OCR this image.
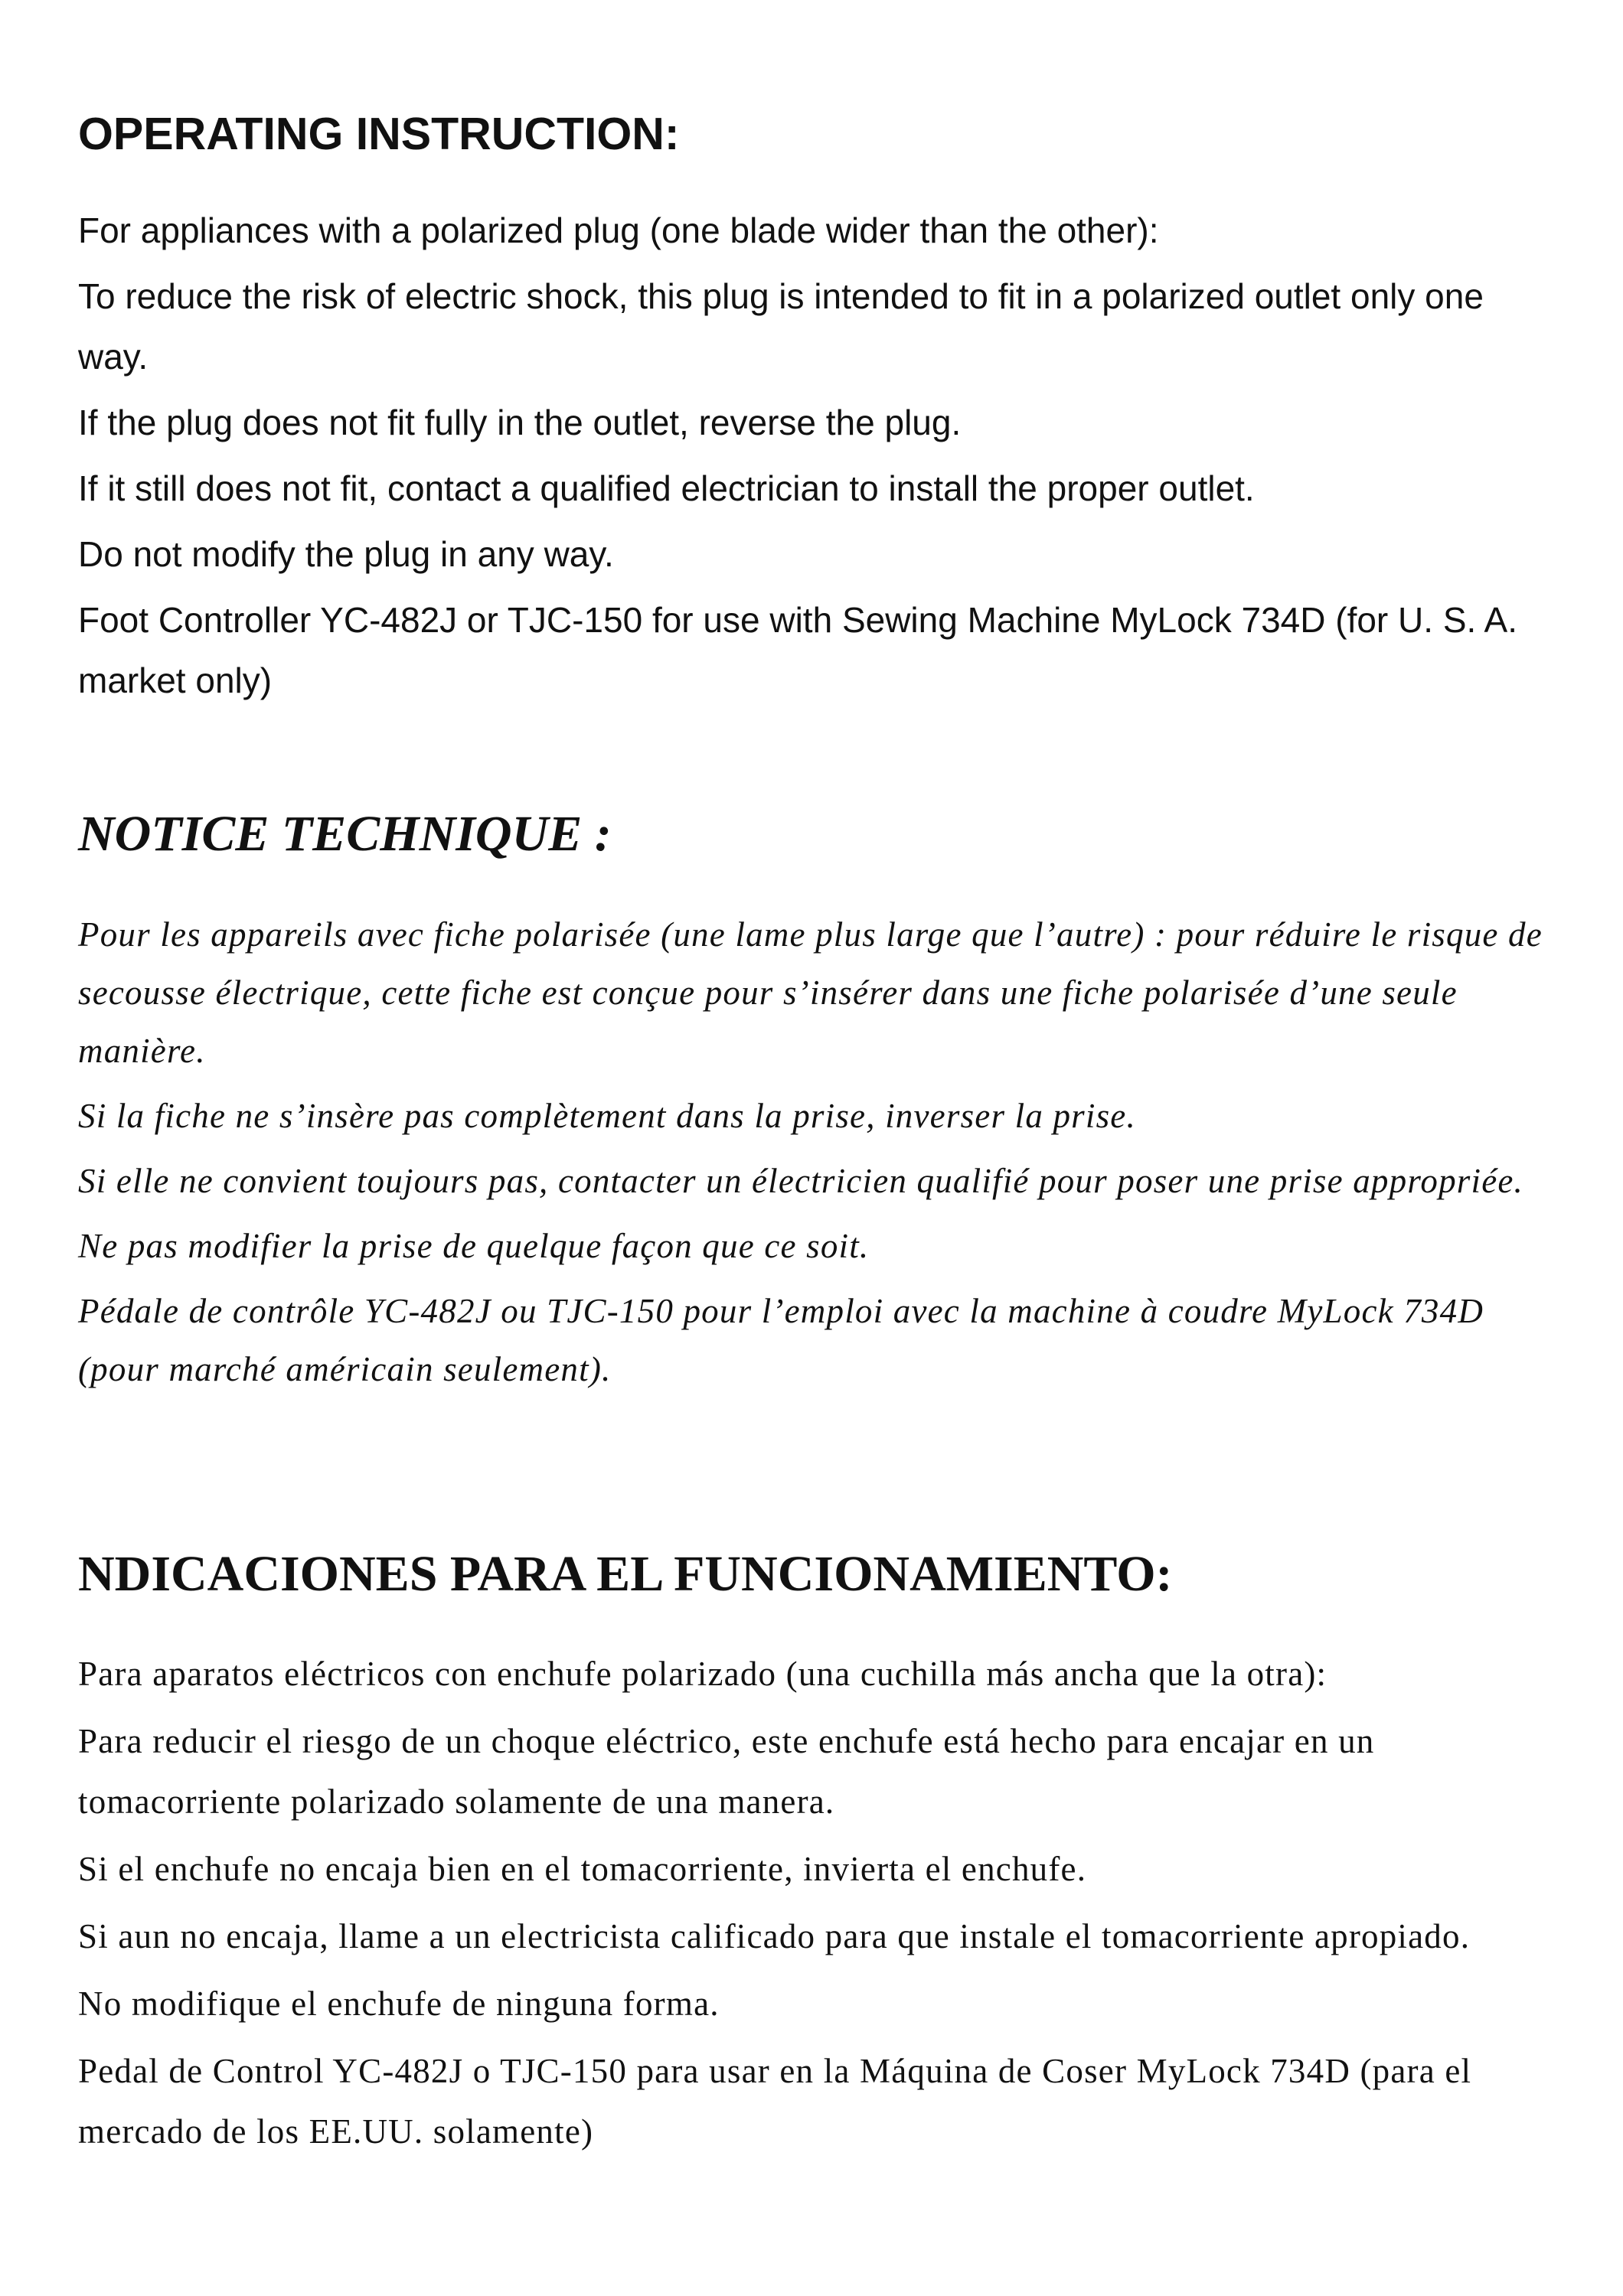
OPERATING INSTRUCTION:

For appliances with a polarized plug (one blade wider than the other):

To reduce the risk of electric shock, this plug is intended to fit in a polarized outlet only one way.

If the plug does not fit fully in the outlet, reverse the plug.

If it still does not fit, contact a qualified electrician to install the proper outlet.

Do not modify the plug in any way.

Foot Controller YC-482J or TJC-150 for use with Sewing Machine MyLock 734D (for U. S. A. market only)

NOTICE TECHNIQUE :

Pour les appareils avec fiche polarisée (une lame plus large que l’autre) : pour réduire le risque de secousse électrique, cette fiche est conçue pour s’insérer dans une fiche polarisée d’une seule manière.

Si la fiche ne s’insère pas complètement dans la prise, inverser la prise.

Si elle ne convient toujours pas, contacter un électricien qualifié pour poser une prise appropriée.

Ne pas modifier la prise de quelque façon que ce soit.

Pédale de contrôle YC-482J ou TJC-150 pour l’emploi avec la machine à coudre MyLock 734D (pour marché américain seulement).

NDICACIONES PARA EL FUNCIONAMIENTO:

Para aparatos eléctricos con enchufe polarizado (una cuchilla más ancha que la otra):

Para reducir el riesgo de un choque eléctrico, este enchufe está hecho para encajar en un tomacorriente polarizado solamente de una manera.

Si el enchufe no encaja bien en el tomacorriente, invierta el enchufe.

Si aun no encaja, llame a un electricista calificado para que instale el tomacorriente apropiado.

No modifique el enchufe de ninguna forma.

Pedal de Control YC-482J o TJC-150 para usar en la Máquina de Coser MyLock 734D (para el mercado de los EE.UU. solamente)
